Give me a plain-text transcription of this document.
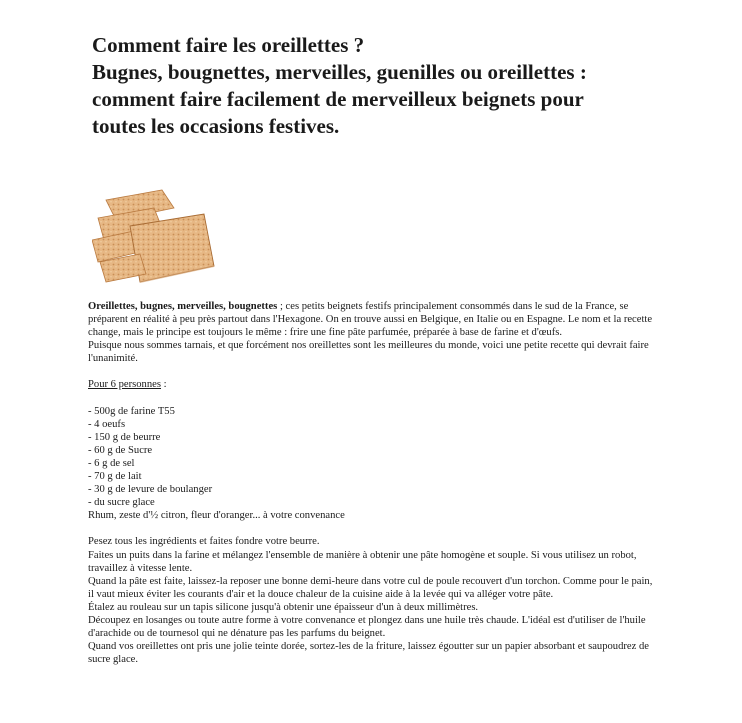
Comment faire les oreillettes ?
Bugnes, bougnettes, merveilles, guenilles ou oreillettes :
comment faire facilement de merveilleux beignets pour
toutes les occasions festives.
Oreillettes, bugnes, merveilles, bougnettes ; ces petits beignets festifs principalement consommés dans le sud de la France, se
préparent en réalité à peu près partout dans l'Hexagone. On en trouve aussi en Belgique, en Italie ou en Espagne. Le nom et la recette
change, mais le principe est toujours le même : frire une fine pâte parfumée, préparée à base de farine et d'œufs.
Puisque nous sommes tarnais, et que forcément nos oreillettes sont les meilleures du monde, voici une petite recette qui devrait faire
l'unanimité.
Pour 6 personnes :
- 500g de farine T55
- 4 oeufs
- 150 g de beurre
- 60 g de Sucre
- 6 g de sel
- 70 g de lait
- 30 g de levure de boulanger
- du sucre glace
Rhum, zeste d'½ citron, fleur d'oranger... à votre convenance
Pesez tous les ingrédients et faites fondre votre beurre.
Faites un puits dans la farine et mélangez l'ensemble de manière à obtenir une pâte homogène et souple. Si vous utilisez un robot,
travaillez à vitesse lente.
Quand la pâte est faite, laissez-la reposer une bonne demi-heure dans votre cul de poule recouvert d'un torchon. Comme pour le pain,
il vaut mieux éviter les courants d'air et la douce chaleur de la cuisine aide à la levée qui va alléger votre pâte.
Étalez au rouleau sur un tapis silicone jusqu'à obtenir une épaisseur d'un à deux millimètres.
Découpez en losanges ou toute autre forme à votre convenance et plongez dans une huile très chaude. L'idéal est d'utiliser de l'huile
d'arachide ou de tournesol qui ne dénature pas les parfums du beignet.
Quand vos oreillettes ont pris une jolie teinte dorée, sortez-les de la friture, laissez égoutter sur un papier absorbant et saupoudrez de
sucre glace.
